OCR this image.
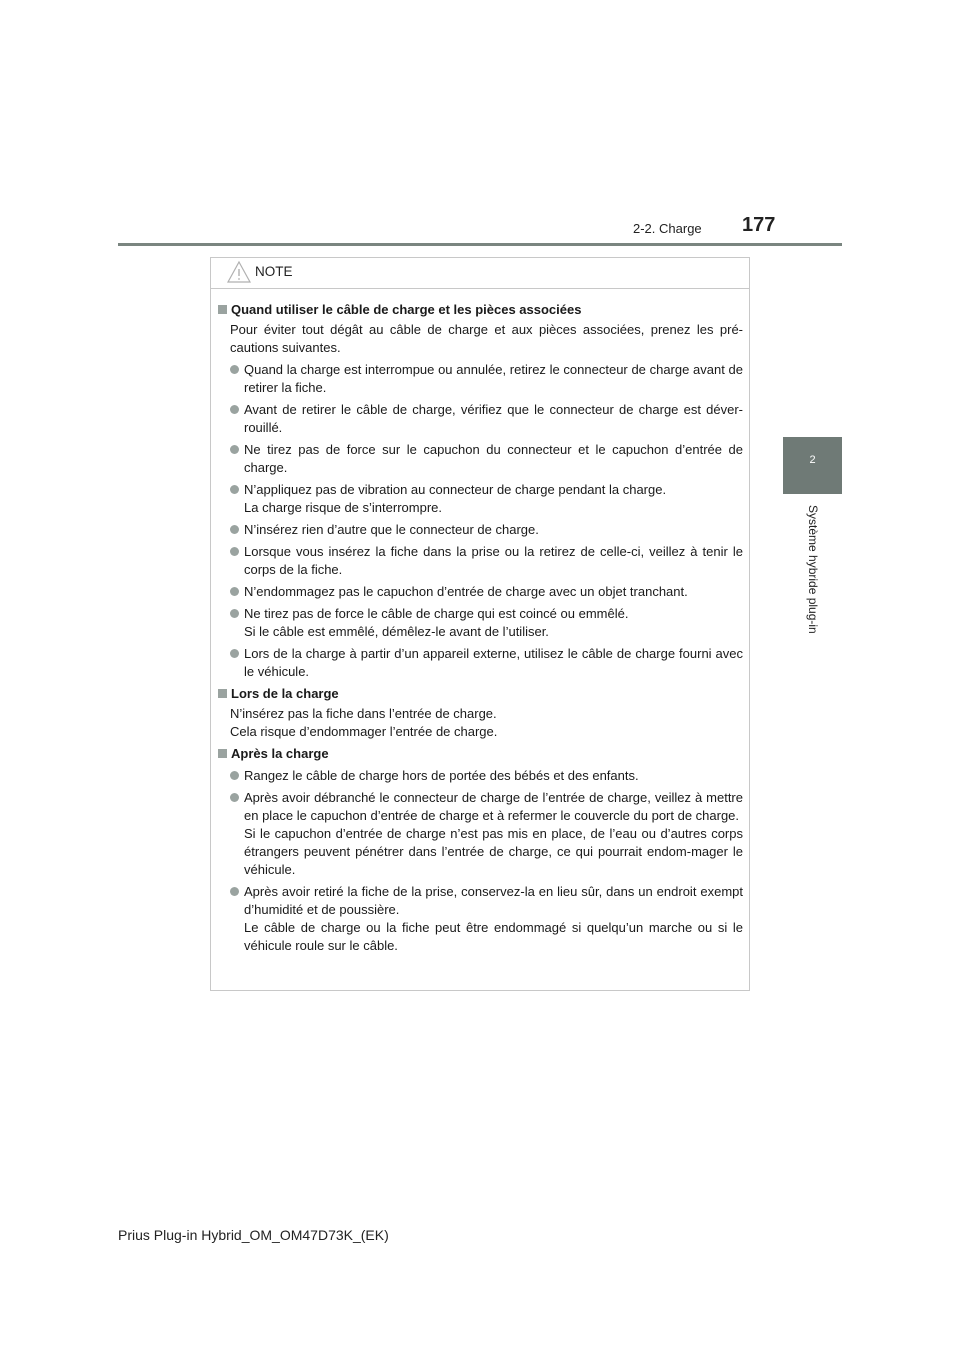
2-2. Charge 177
2
Système hybride plug-in
NOTE
Quand utiliser le câble de charge et les pièces associées
Pour éviter tout dégât au câble de charge et aux pièces associées, prenez les pré-cautions suivantes.
Quand la charge est interrompue ou annulée, retirez le connecteur de charge avant de retirer la fiche.
Avant de retirer le câble de charge, vérifiez que le connecteur de charge est déver-rouillé.
Ne tirez pas de force sur le capuchon du connecteur et le capuchon d’entrée de charge.
N’appliquez pas de vibration au connecteur de charge pendant la charge.
La charge risque de s’interrompre.
N’insérez rien d’autre que le connecteur de charge.
Lorsque vous insérez la fiche dans la prise ou la retirez de celle-ci, veillez à tenir le corps de la fiche.
N’endommagez pas le capuchon d’entrée de charge avec un objet tranchant.
Ne tirez pas de force le câble de charge qui est coincé ou emmêlé.
Si le câble est emmêlé, démêlez-le avant de l’utiliser.
Lors de la charge à partir d’un appareil externe, utilisez le câble de charge fourni avec le véhicule.
Lors de la charge
N’insérez pas la fiche dans l’entrée de charge.
Cela risque d’endommager l’entrée de charge.
Après la charge
Rangez le câble de charge hors de portée des bébés et des enfants.
Après avoir débranché le connecteur de charge de l’entrée de charge, veillez à mettre en place le capuchon d’entrée de charge et à refermer le couvercle du port de charge.
Si le capuchon d’entrée de charge n’est pas mis en place, de l’eau ou d’autres corps étrangers peuvent pénétrer dans l’entrée de charge, ce qui pourrait endom-mager le véhicule.
Après avoir retiré la fiche de la prise, conservez-la en lieu sûr, dans un endroit exempt d’humidité et de poussière.
Le câble de charge ou la fiche peut être endommagé si quelqu’un marche ou si le véhicule roule sur le câble.
Prius Plug-in Hybrid_OM_OM47D73K_(EK)
